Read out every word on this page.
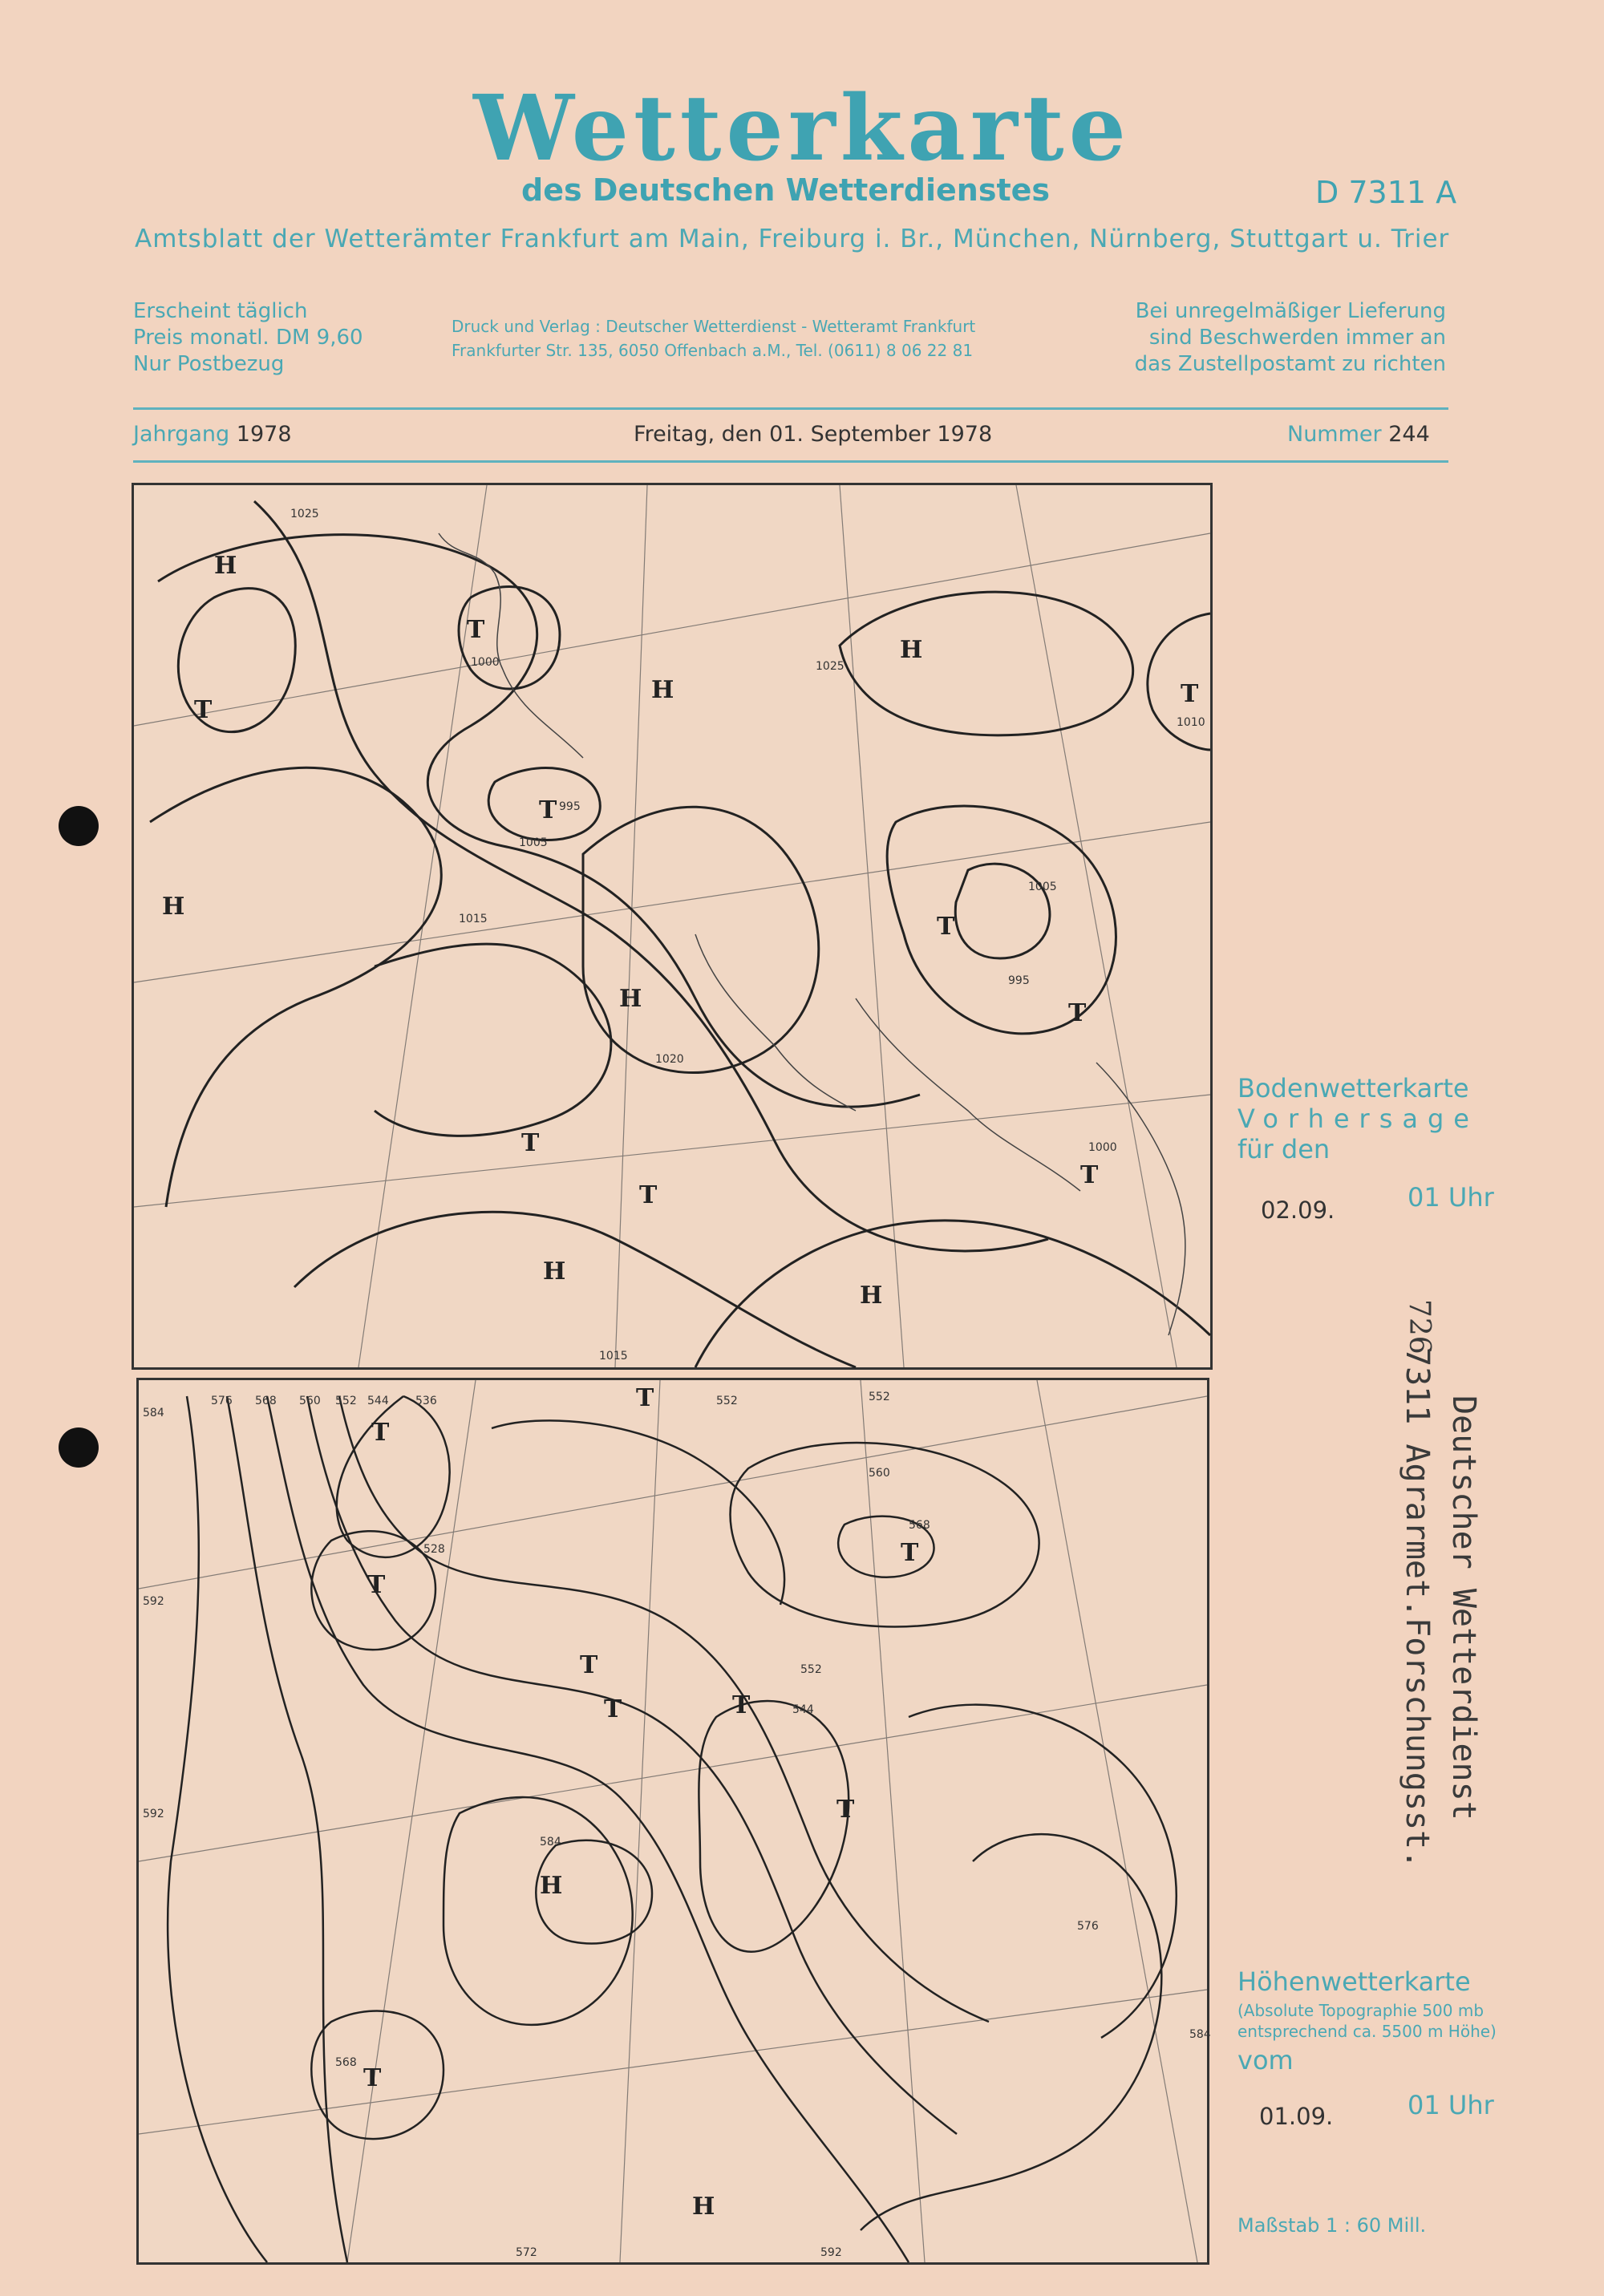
Wetterkarte
des Deutschen Wetterdienstes	D 7311 A
Amtsblatt der Wetterämter Frankfurt am Main, Freiburg i. Br., München, Nürnberg, Stuttgart u. Trier
Erscheint täglich
Preis monatl. DM 9,60
Nur Postbezug
Druck und Verlag : Deutscher Wetterdienst - Wetteramt Frankfurt
Frankfurter Str. 135, 6050 Offenbach a.M., Tel. (0611) 8 06 22 81
Bei unregelmäßiger Lieferung
sind Beschwerden immer an
das Zustellpostamt zu richten
Jahrgang 1978	Freitag, den 01. September 1978	Nummer 244
H
T
T
H
H
T
H
T
T
T
H
T
T
T
H
H
1025
1000
995
1005
1015
1020
1025
1010
1005
995
1000
1015
Bodenwetterkarte
Vorhersage
für den
02.09.	01 Uhr
T
T
T
T
T
T
T
H
H
T
T
584
576 568 560 552 544 536
528
592
552	552
560
568
552
544
584
568
576
584
592
572	592
Höhenwetterkarte
(Absolute Topographie 500 mb
entsprechend ca. 5500 m Höhe)
vom
01.09.	01 Uhr
Maßstab 1 : 60 Mill.
726
Deutscher Wetterdienst
7311 Agrarmet.Forschungsst.
